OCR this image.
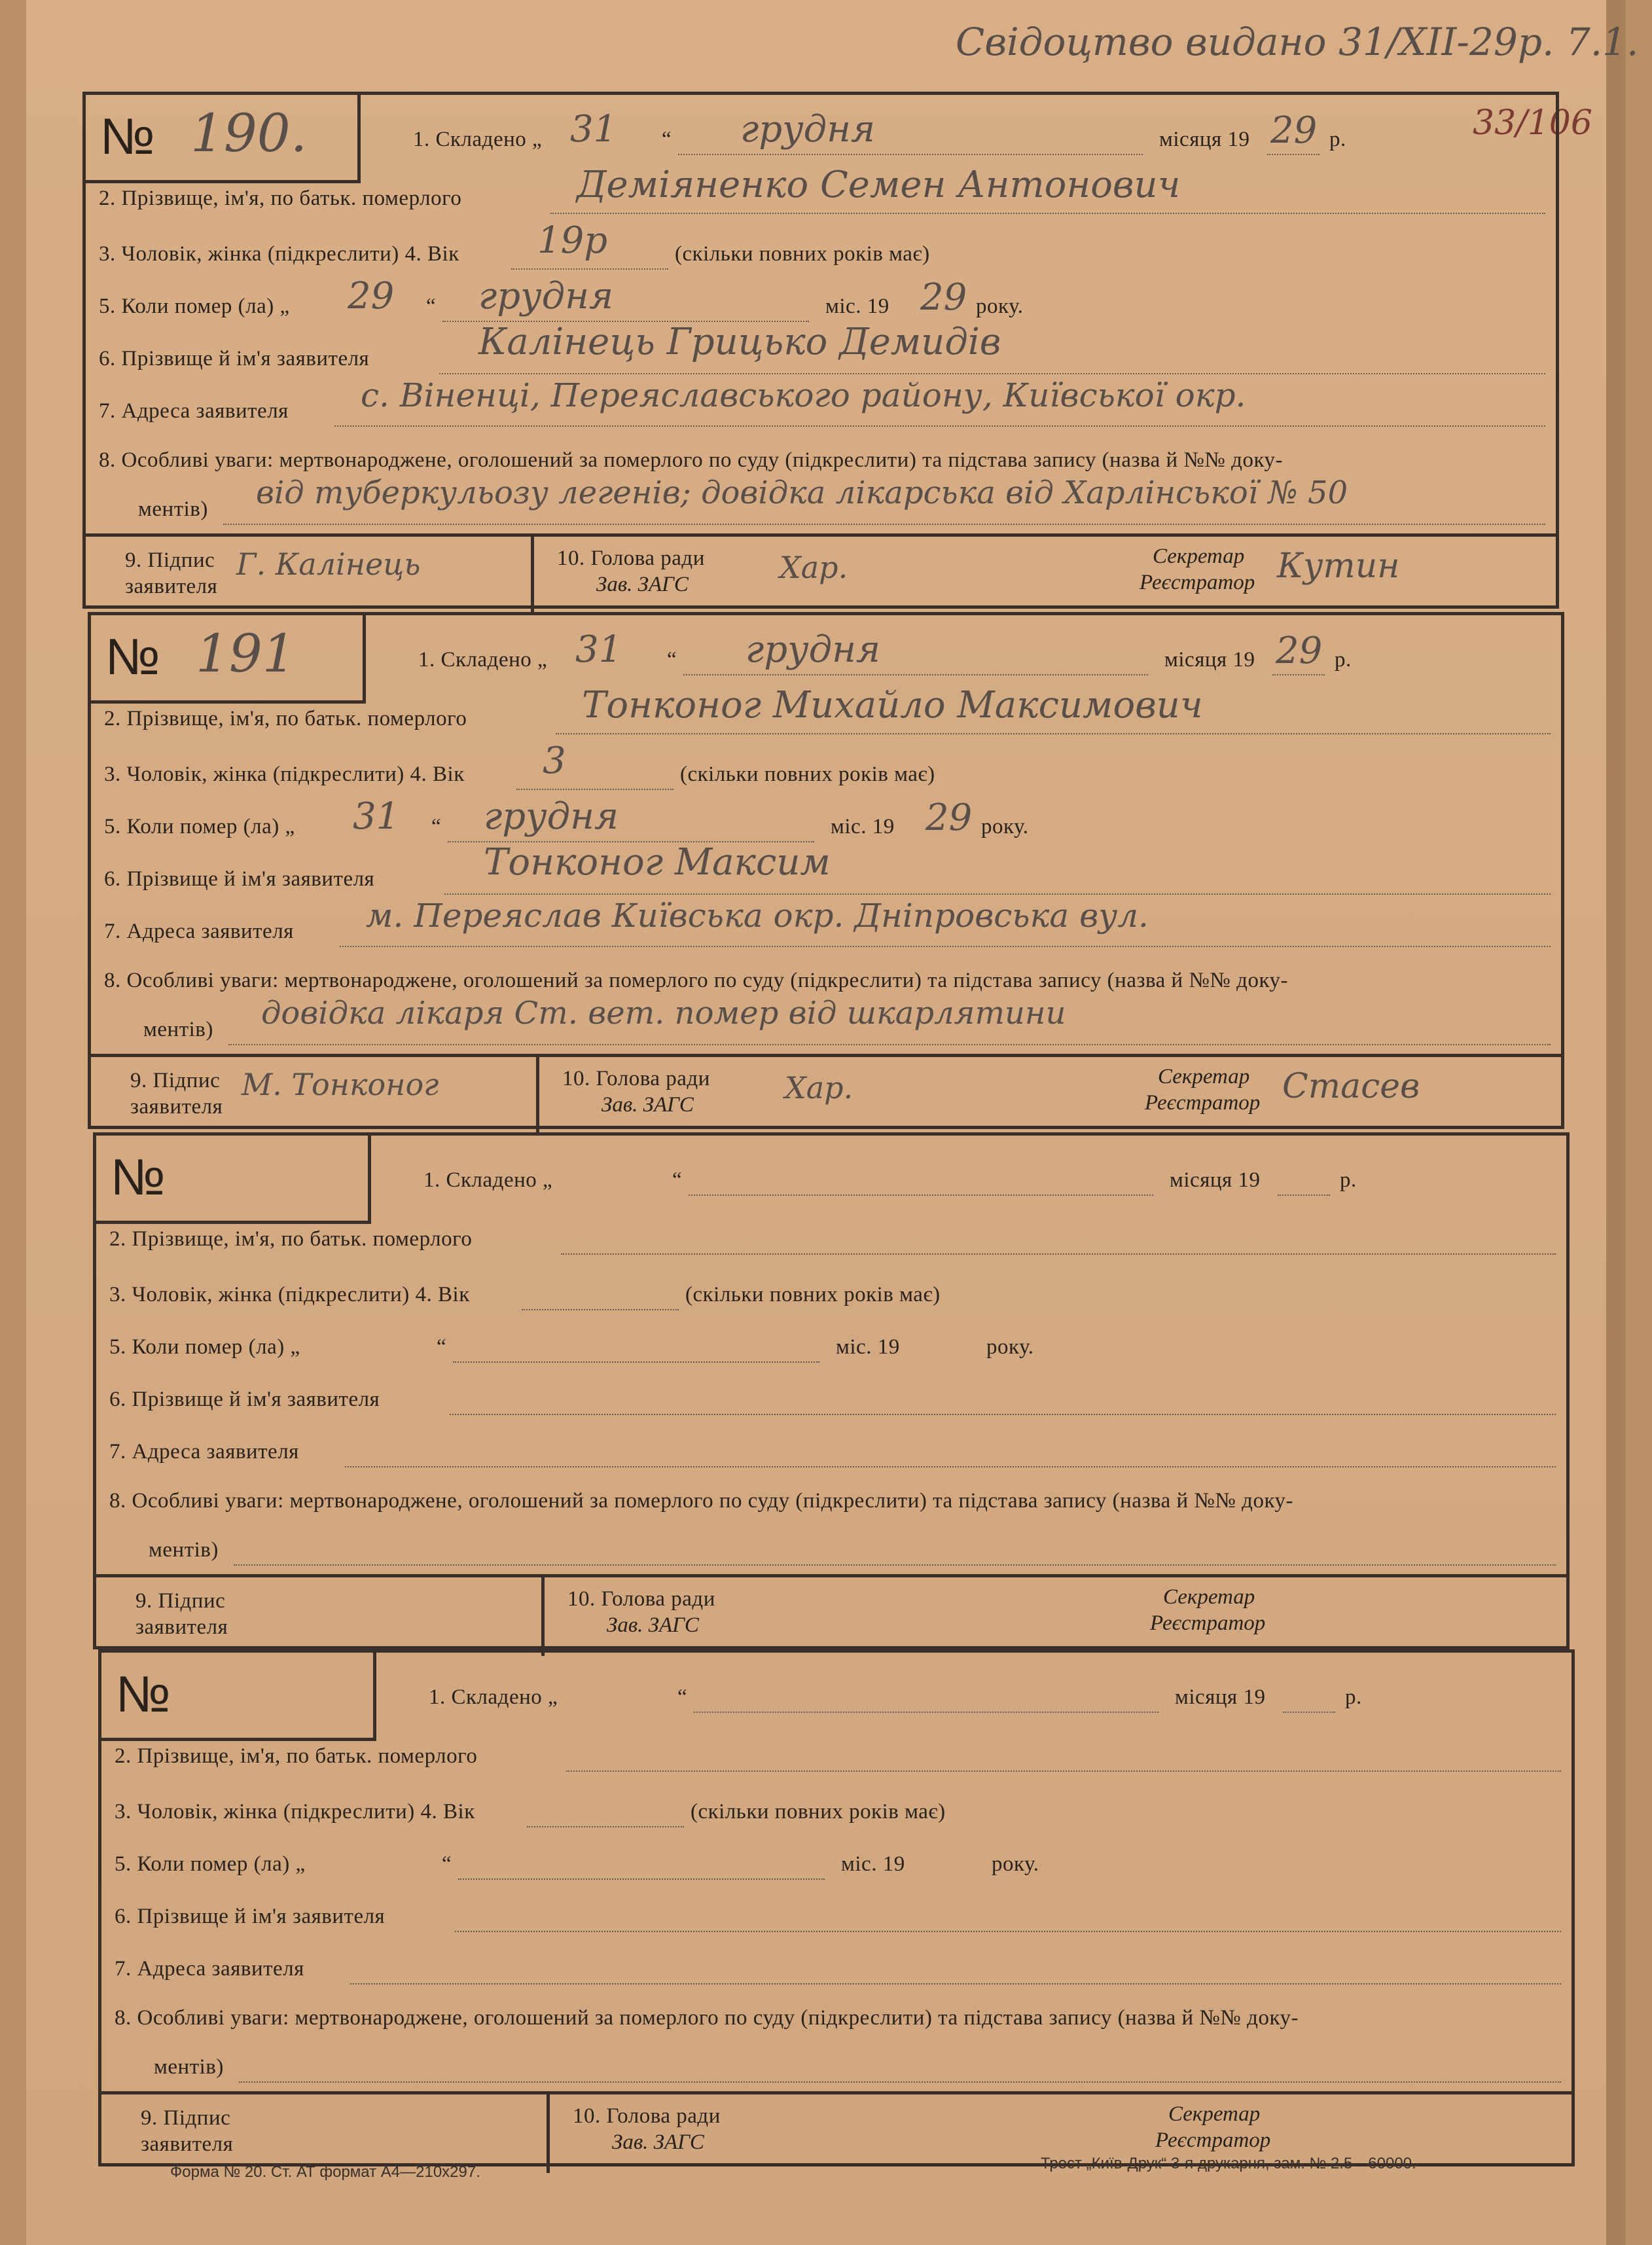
Свідоцтво видано 31/XII-29р. 7.1.
33/106
№ 190.	1. Складено „ 31 “ грудня	місяця 19 29 р.
2. Прізвище, ім'я, по батьк. померлого	Деміяненко Семен Антонович
3. Чоловік, жінка (підкреслити) 4. Вік 19р	(скільки повних років має)
5. Коли помер (ла) „ 29 “ грудня	міс. 19 29 року.
6. Прізвище й ім'я заявителя	Калінець Грицько Демидів
7. Адреса заявителя с. Віненці, Переяславського району, Київської окр.
8. Особливі уваги: мертвонароджене, оголошений за померлого по суду (підкреслити) та підстава запису (назва й №№ доку-
ментів) від туберкульозу легенів; довідка лікарська від Харлінської № 50
9. Підпис
заявителя
Г. Калінець	10. Голова ради
Зав. ЗАГС	Хар.	Секретар
Реєстратор Кутин
№ 191	1. Складено „ 31 “ грудня	місяця 19 29 р.
2. Прізвище, ім'я, по батьк. померлого	Тонконог Михайло Максимович
3. Чоловік, жінка (підкреслити) 4. Вік 3	(скільки повних років має)
5. Коли помер (ла) „ 31 “ грудня	міс. 19 29 року.
6. Прізвище й ім'я заявителя	Тонконог Максим
7. Адреса заявителя м. Переяслав Київська окр. Дніпровська вул.
8. Особливі уваги: мертвонароджене, оголошений за померлого по суду (підкреслити) та підстава запису (назва й №№ доку-
ментів) довідка лікаря Ст. вет. помер від шкарлятини
9. Підпис
заявителя
М. Тонконог	10. Голова ради
Зав. ЗАГС	Хар.	Секретар
Реєстратор Стасев
№	1. Складено „	“	місяця 19	р.
2. Прізвище, ім'я, по батьк. померлого
3. Чоловік, жінка (підкреслити) 4. Вік	(скільки повних років має)
5. Коли помер (ла) „	“	міс. 19	року.
6. Прізвище й ім'я заявителя
7. Адреса заявителя
8. Особливі уваги: мертвонароджене, оголошений за померлого по суду (підкреслити) та підстава запису (назва й №№ доку-
ментів)
9. Підпис
заявителя
10. Голова ради
Зав. ЗАГС
Секретар
Реєстратор
№	1. Складено „	“	місяця 19	р.
2. Прізвище, ім'я, по батьк. померлого
3. Чоловік, жінка (підкреслити) 4. Вік	(скільки повних років має)
5. Коли помер (ла) „	“	міс. 19	року.
6. Прізвище й ім'я заявителя
7. Адреса заявителя
8. Особливі уваги: мертвонароджене, оголошений за померлого по суду (підкреслити) та підстава запису (назва й №№ доку-
ментів)
9. Підпис
заявителя
10. Голова ради
Зав. ЗАГС
Секретар
Реєстратор
Форма № 20. Ст. АТ формат А4—210х297.	Трест „Київ-Друк“ 3-я друкарня, зам. № 2.5—60000.
